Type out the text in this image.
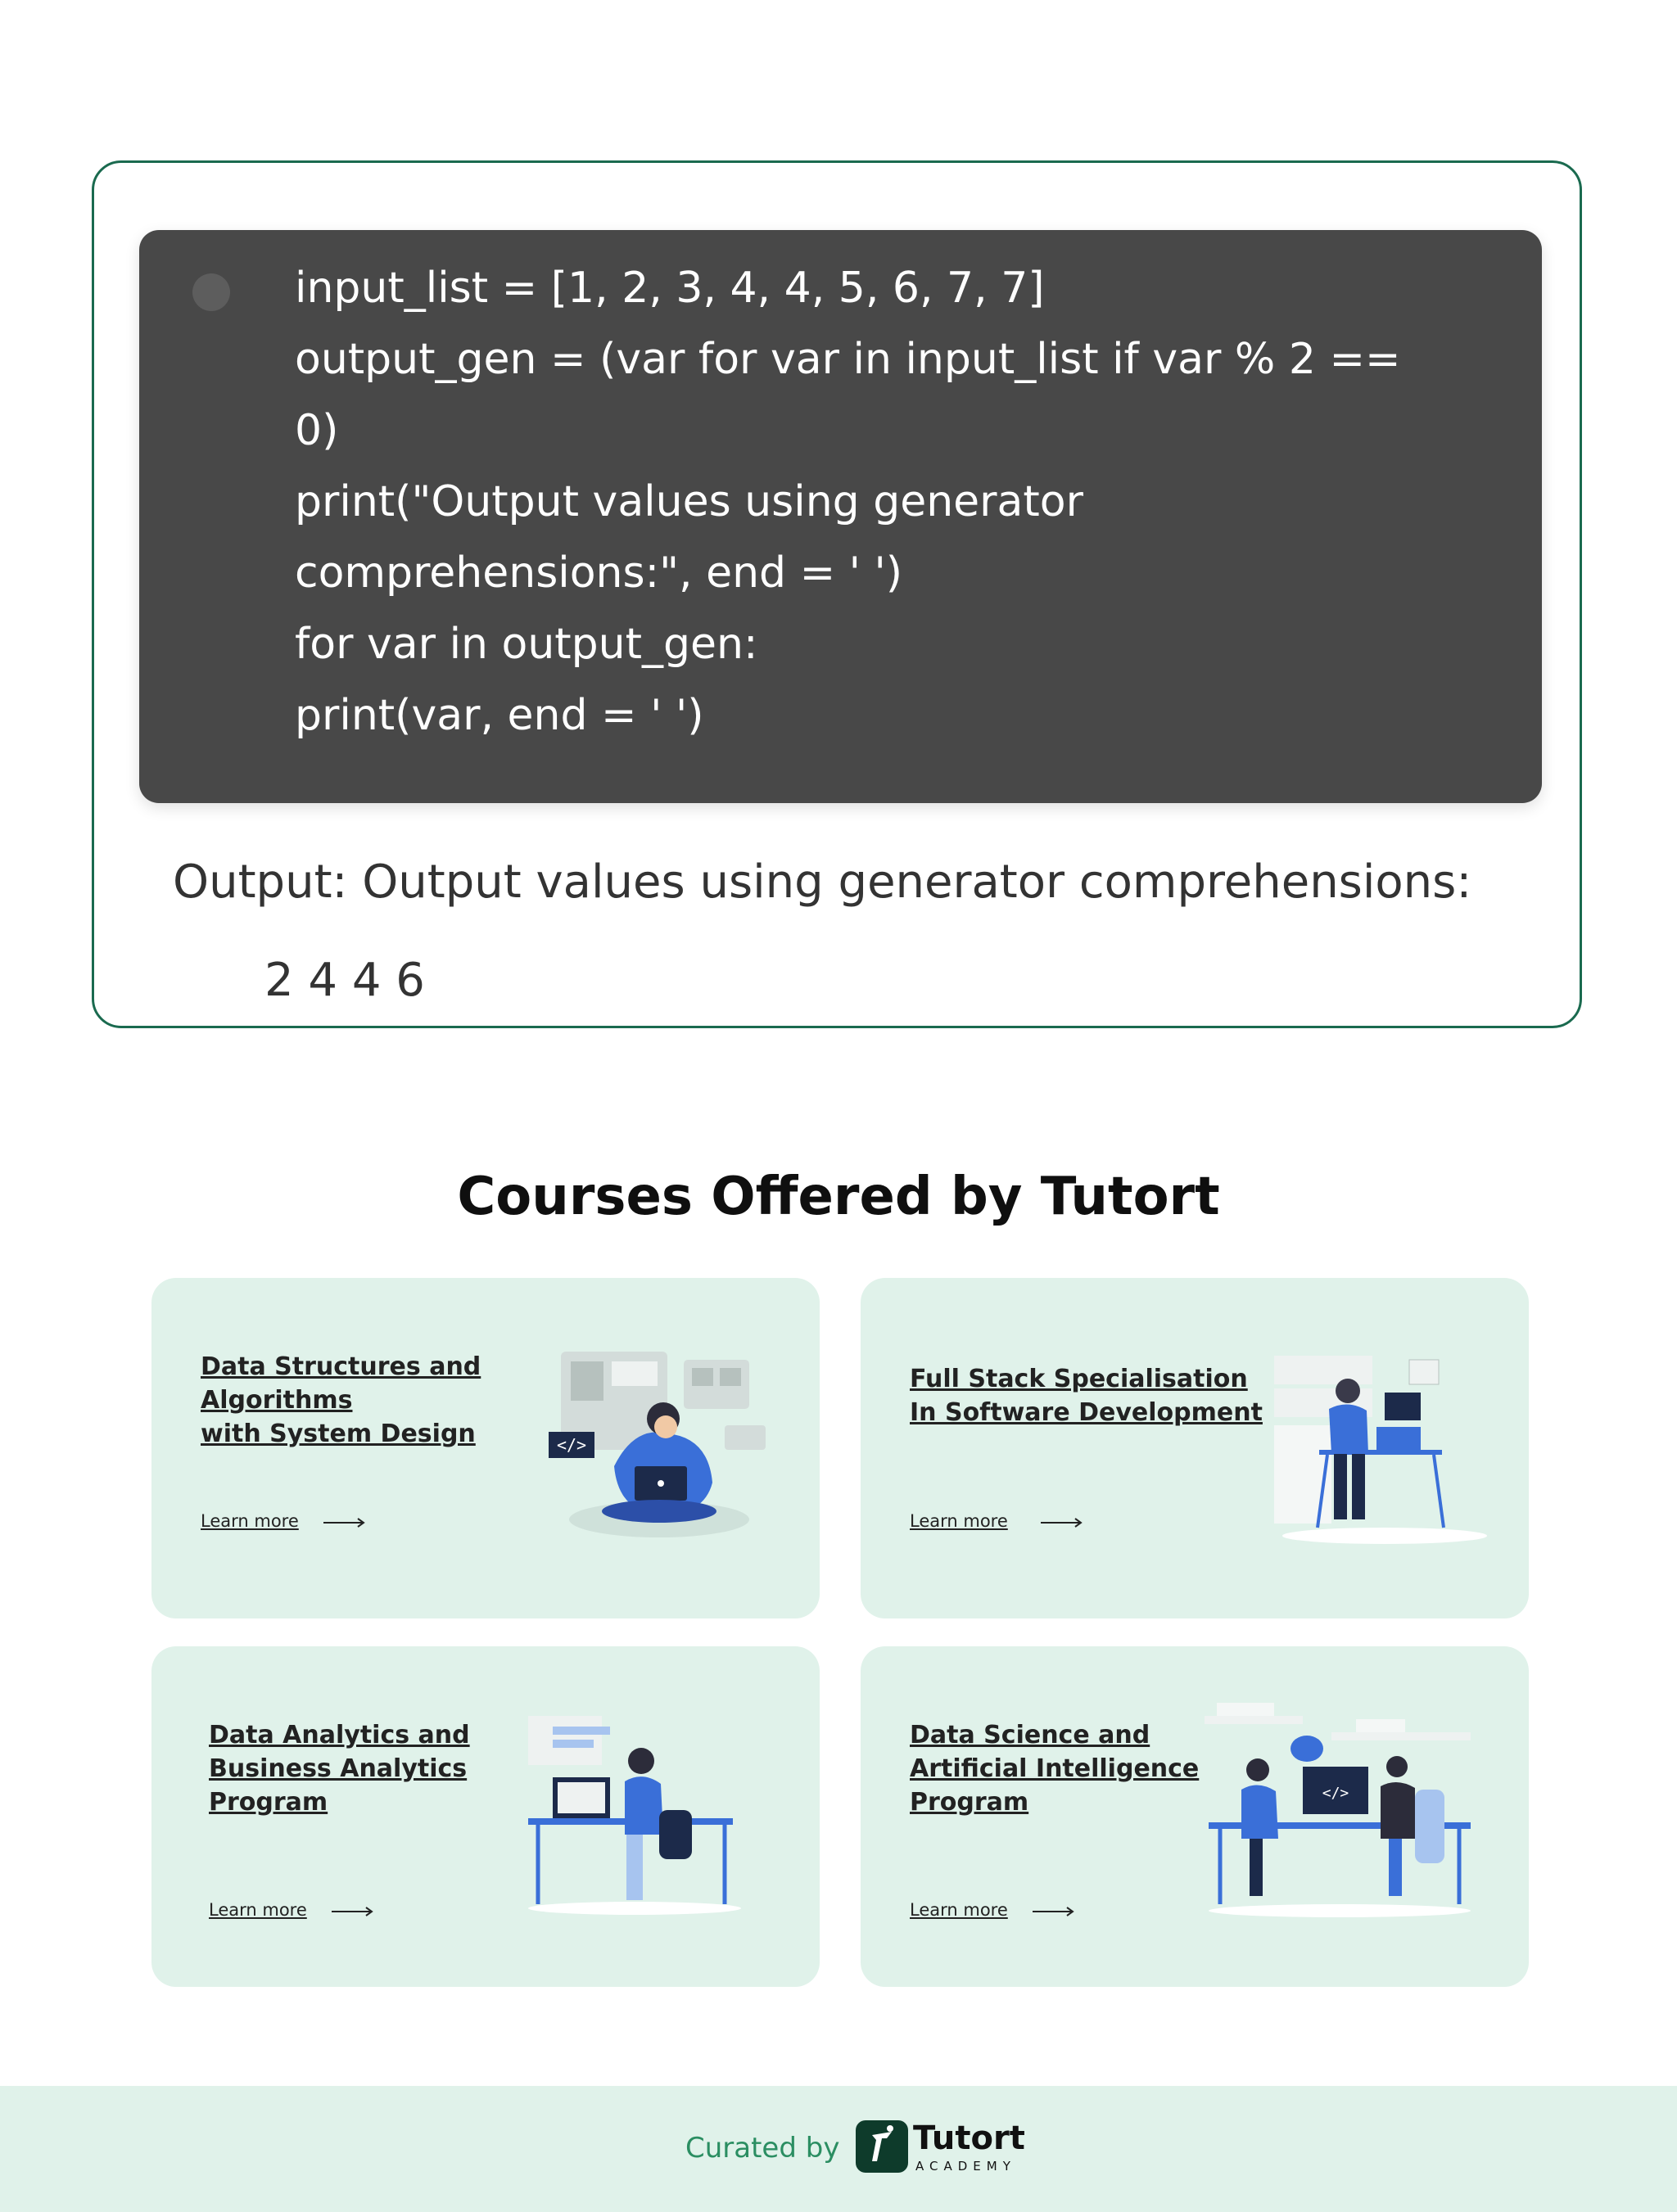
input_list = [1, 2, 3, 4, 4, 5, 6, 7, 7]
output_gen = (var for var in input_list if var % 2 ==
0)
print("Output values using generator
comprehensions:", end = ' ')
for var in output_gen:
print(var, end = ' ')
Output: Output values using generator comprehensions:
2 4 4 6
Courses Offered by Tutort
Data Structures and
Algorithms
with System Design
Learn more
</>
Full Stack Specialisation
In Software Development
Learn more
Data Analytics and
Business Analytics
Program
Learn more
Data Science and
Artificial Intelligence
Program
Learn more
</>
Curated by Tutort
ACADEMY
